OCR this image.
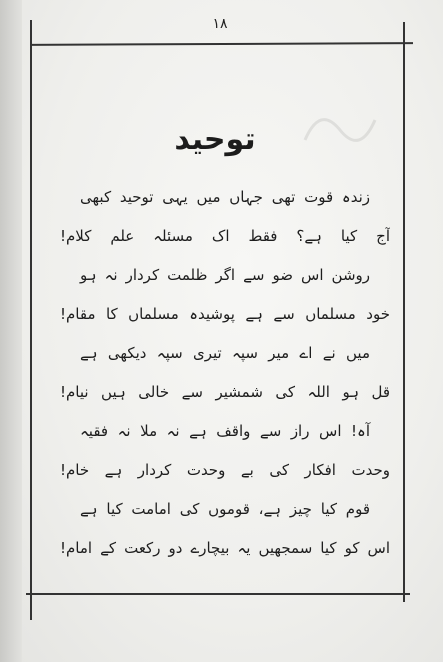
۱۸
توحید
زندہ قوت تھی جہاں میں یہی توحید کبھی
آج کیا ہے؟ فقط اک مسئلہ علم کلام!
روشن اس ضو سے اگر ظلمت کردار نہ ہو
خود مسلماں سے ہے پوشیدہ مسلماں کا مقام!
میں نے اے میر سپہ تیری سپہ دیکھی ہے
قل ہو اللہ کی شمشیر سے خالی ہیں نیام!
آہ! اس راز سے واقف ہے نہ ملا نہ فقیہ
وحدت افکار کی بے وحدت کردار ہے خام!
قوم کیا چیز ہے، قوموں کی امامت کیا ہے
اس کو کیا سمجھیں یہ بیچارے دو رکعت کے امام!
